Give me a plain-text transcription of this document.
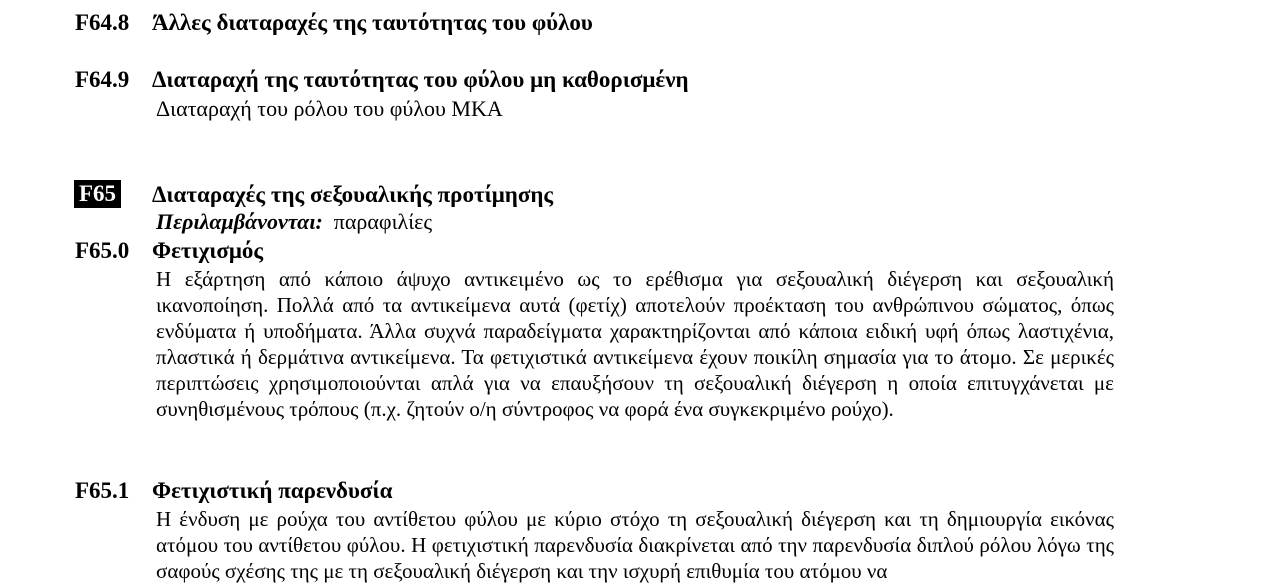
F64.8 Άλλες διαταραχές της ταυτότητας του φύλου
F64.9 Διαταραχή της ταυτότητας του φύλου μη καθορισμένη
Διαταραχή του ρόλου του φύλου ΜΚΑ
F65 Διαταραχές της σεξουαλικής προτίμησης
Περιλαμβάνονται: παραφιλίες
F65.0 Φετιχισμός
Η εξάρτηση από κάποιο άψυχο αντικειμένο ως το ερέθισμα για σεξουαλική διέγερση και σεξουαλική ικανοποίηση. Πολλά από τα αντικείμενα αυτά (φετίχ) αποτελούν προέκταση του ανθρώπινου σώματος, όπως ενδύματα ή υποδήματα. Άλλα συχνά παραδείγματα χαρακτηρίζονται από κάποια ειδική υφή όπως λαστιχένια, πλαστικά ή δερμάτινα αντικείμενα. Τα φετιχιστικά αντικείμενα έχουν ποικίλη σημασία για το άτομο. Σε μερικές περιπτώσεις χρησιμοποιούνται απλά για να επαυξήσουν τη σεξουαλική διέγερση η οποία επιτυγχάνεται με συνηθισμένους τρόπους (π.χ. ζητούν ο/η σύντροφος να φορά ένα συγκεκριμένο ρούχο).
F65.1 Φετιχιστική παρενδυσία
Η ένδυση με ρούχα του αντίθετου φύλου με κύριο στόχο τη σεξουαλική διέγερση και τη δημιουργία εικόνας ατόμου του αντίθετου φύλου. Η φετιχιστική παρενδυσία διακρίνεται από την παρενδυσία διπλού ρόλου λόγω της σαφούς σχέσης της με τη σεξουαλική διέγερση και την ισχυρή επιθυμία του ατόμου να
